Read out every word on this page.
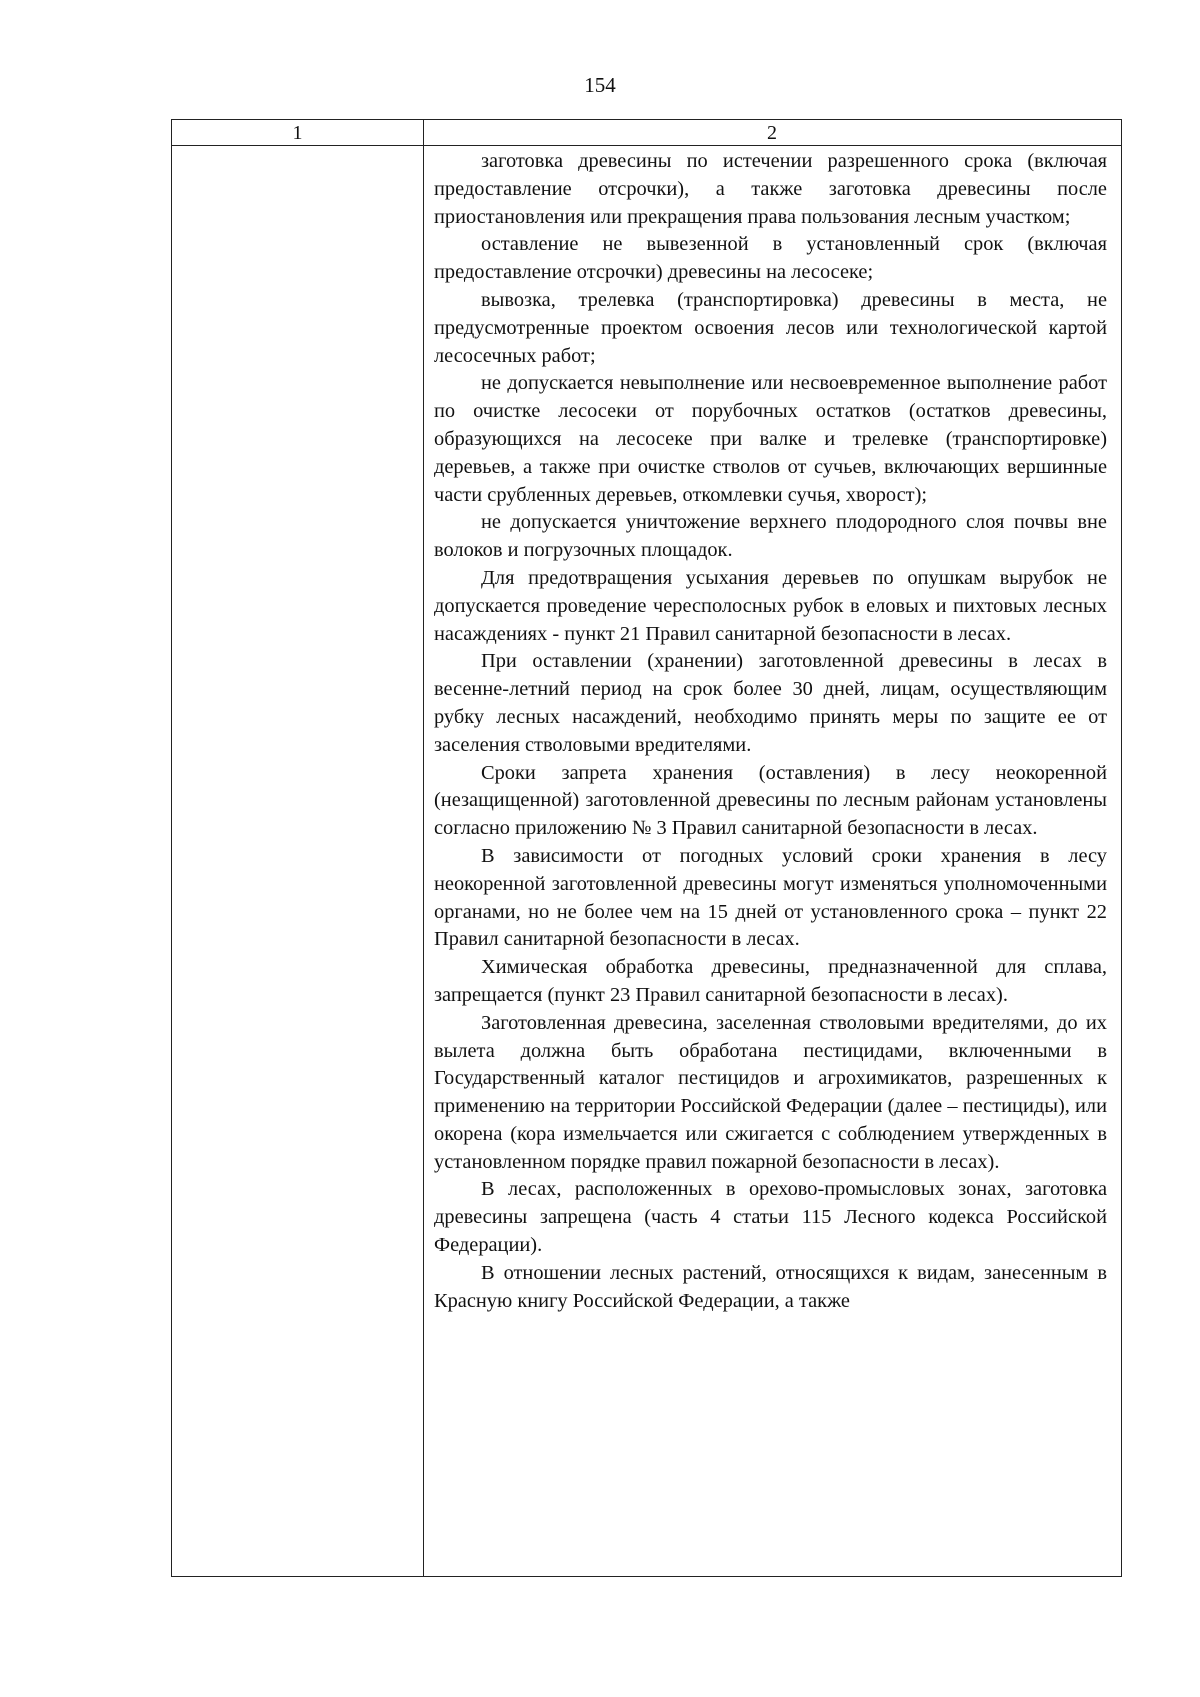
154
1	2

заготовка древесины по истечении разрешенного срока (включая предоставление отсрочки), а также заготовка древесины после приостановления или прекращения права пользования лесным участком;

оставление не вывезенной в установленный срок (включая предоставление отсрочки) древесины на лесосеке;

вывозка, трелевка (транспортировка) древесины в места, не предусмотренные проектом освоения лесов или технологической картой лесосечных работ;

не допускается невыполнение или несвоевременное выполнение работ по очистке лесосеки от порубочных остатков (остатков древесины, образующихся на лесосеке при валке и трелевке (транспортировке) деревьев, а также при очистке стволов от сучьев, включающих вершинные части срубленных деревьев, откомлевки сучья, хворост);

не допускается уничтожение верхнего плодородного слоя почвы вне волоков и погрузочных площадок.

Для предотвращения усыхания деревьев по опушкам вырубок не допускается проведение чересполосных рубок в еловых и пихтовых лесных насаждениях - пункт 21 Правил санитарной безопасности в лесах.

При оставлении (хранении) заготовленной древесины в лесах в весенне-летний период на срок более 30 дней, лицам, осуществляющим рубку лесных насаждений, необходимо принять меры по защите ее от заселения стволовыми вредителями.

Сроки запрета хранения (оставления) в лесу неокоренной (незащищенной) заготовленной древесины по лесным районам установлены согласно приложению № 3 Правил санитарной безопасности в лесах.

В зависимости от погодных условий сроки хранения в лесу неокоренной заготовленной древесины могут изменяться уполномоченными органами, но не более чем на 15 дней от установленного срока – пункт 22 Правил санитарной безопасности в лесах.

Химическая обработка древесины, предназначенной для сплава, запрещается (пункт 23 Правил санитарной безопасности в лесах).

Заготовленная древесина, заселенная стволовыми вредителями, до их вылета должна быть обработана пестицидами, включенными в Государственный каталог пестицидов и агрохимикатов, разрешенных к применению на территории Российской Федерации (далее – пестициды), или окорена (кора измельчается или сжигается с соблюдением утвержденных в установленном порядке правил пожарной безопасности в лесах).

В лесах, расположенных в орехово-промысловых зонах, заготовка древесины запрещена (часть 4 статьи 115 Лесного кодекса Российской Федерации).

В отношении лесных растений, относящихся к видам, занесенным в Красную книгу Российской Федерации, а также
